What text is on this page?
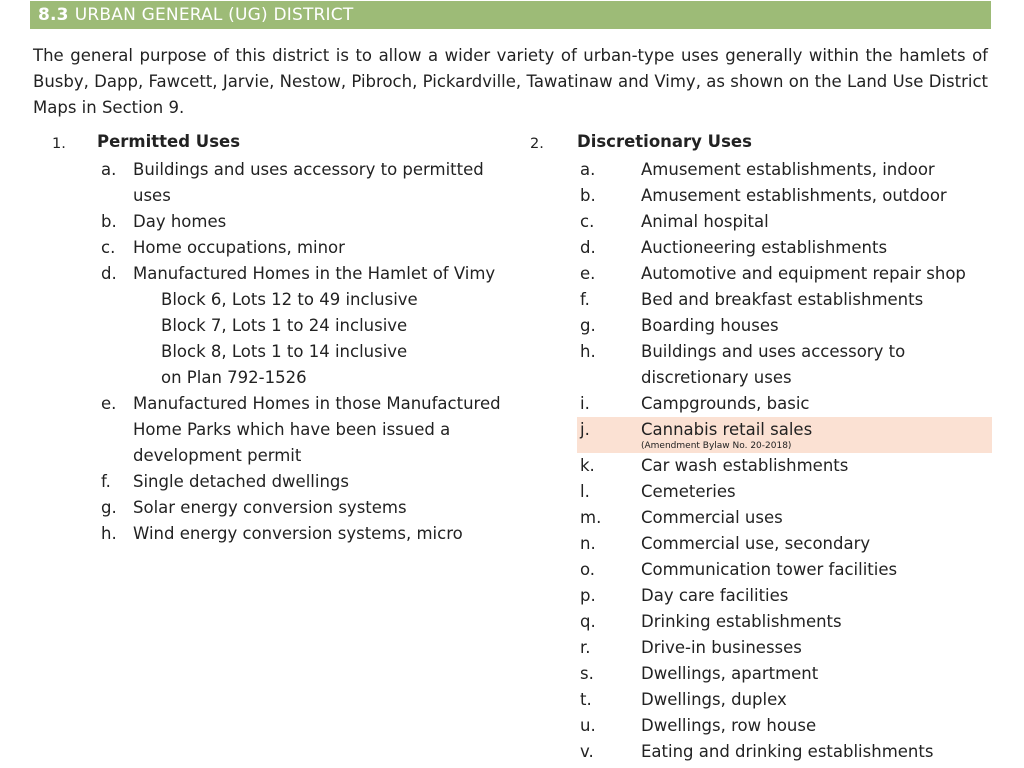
8.3 URBAN GENERAL (UG) DISTRICT

The general purpose of this district is to allow a wider variety of urban-type uses generally within the hamlets of Busby, Dapp, Fawcett, Jarvie, Nestow, Pibroch, Pickardville, Tawatinaw and Vimy, as shown on the Land Use District Maps in Section 9.

1. Permitted Uses
a. Buildings and uses accessory to permitted uses
b. Day homes
c. Home occupations, minor
d. Manufactured Homes in the Hamlet of Vimy
Block 6, Lots 12 to 49 inclusive
Block 7, Lots 1 to 24 inclusive
Block 8, Lots 1 to 14 inclusive
on Plan 792-1526
e. Manufactured Homes in those Manufactured Home Parks which have been issued a development permit
f. Single detached dwellings
g. Solar energy conversion systems
h. Wind energy conversion systems, micro
2. Discretionary Uses
a.	Amusement establishments, indoor
b.	Amusement establishments, outdoor
c.	Animal hospital
d.	Auctioneering establishments
e.	Automotive and equipment repair shop
f.	Bed and breakfast establishments
g.	Boarding houses
h.	Buildings and uses accessory to discretionary uses
i.	Campgrounds, basic
j.	Cannabis retail sales
(Amendment Bylaw No. 20-2018)
k.	Car wash establishments
l.	Cemeteries
m. Commercial uses
n.	Commercial use, secondary
o.	Communication tower facilities
p.	Day care facilities
q.	Drinking establishments
r.	Drive-in businesses
s.	Dwellings, apartment
t.	Dwellings, duplex
u.	Dwellings, row house
v.	Eating and drinking establishments
